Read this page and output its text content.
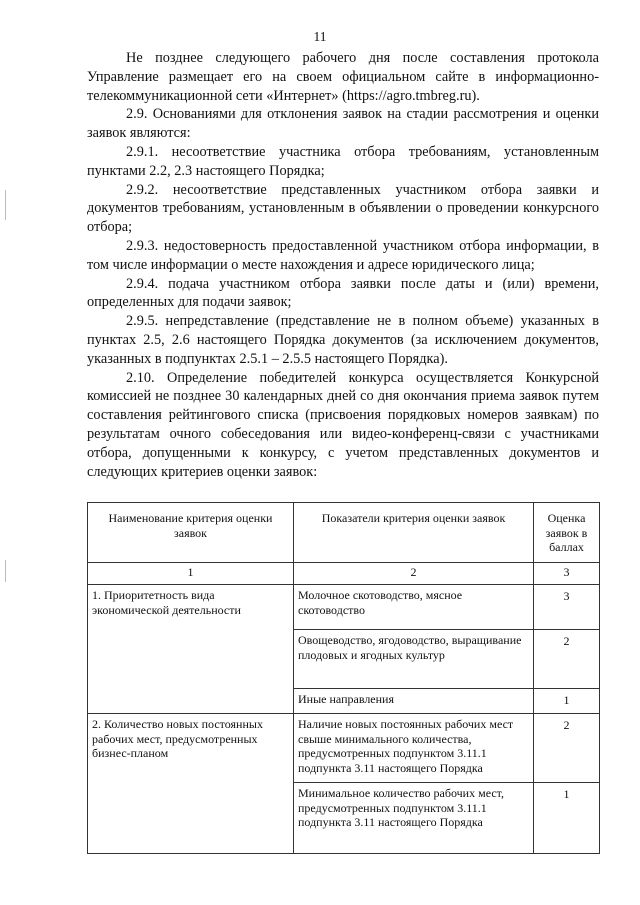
11

Не позднее следующего рабочего дня после составления протокола Управление размещает его на своем официальном сайте в информационно-телекоммуникационной сети «Интернет» (https://agro.tmbreg.ru).

2.9. Основаниями для отклонения заявок на стадии рассмотрения и оценки заявок являются:

2.9.1. несоответствие участника отбора требованиям, установленным пунктами 2.2, 2.3 настоящего Порядка;

2.9.2. несоответствие представленных участником отбора заявки и документов требованиям, установленным в объявлении о проведении конкурсного отбора;

2.9.3. недостоверность предоставленной участником отбора информации, в том числе информации о месте нахождения и адресе юридического лица;

2.9.4. подача участником отбора заявки после даты и (или) времени, определенных для подачи заявок;

2.9.5. непредставление (представление не в полном объеме) указанных в пунктах 2.5, 2.6 настоящего Порядка документов (за исключением документов, указанных в подпунктах 2.5.1 – 2.5.5 настоящего Порядка).

2.10. Определение победителей конкурса осуществляется Конкурсной комиссией не позднее 30 календарных дней со дня окончания приема заявок путем составления рейтингового списка (присвоения порядковых номеров заявкам) по результатам очного собеседования или видео-конференц-связи с участниками отбора, допущенными к конкурсу, с учетом представленных документов и следующих критериев оценки заявок:

Наименование критерия оценки заявок	Показатели критерия оценки заявок	Оценка заявок в баллах
1	2	3
1. Приоритетность вида экономической деятельности	Молочное скотоводство, мясное скотоводство	3
	Овощеводство, ягодоводство, выращивание плодовых и ягодных культур	2
	Иные направления	1
2. Количество новых постоянных рабочих мест, предусмотренных бизнес-планом	Наличие новых постоянных рабочих мест свыше минимального количества, предусмотренных подпунктом 3.11.1 подпункта 3.11 настоящего Порядка	2
	Минимальное количество рабочих мест, предусмотренных подпунктом 3.11.1 подпункта 3.11 настоящего Порядка	1
